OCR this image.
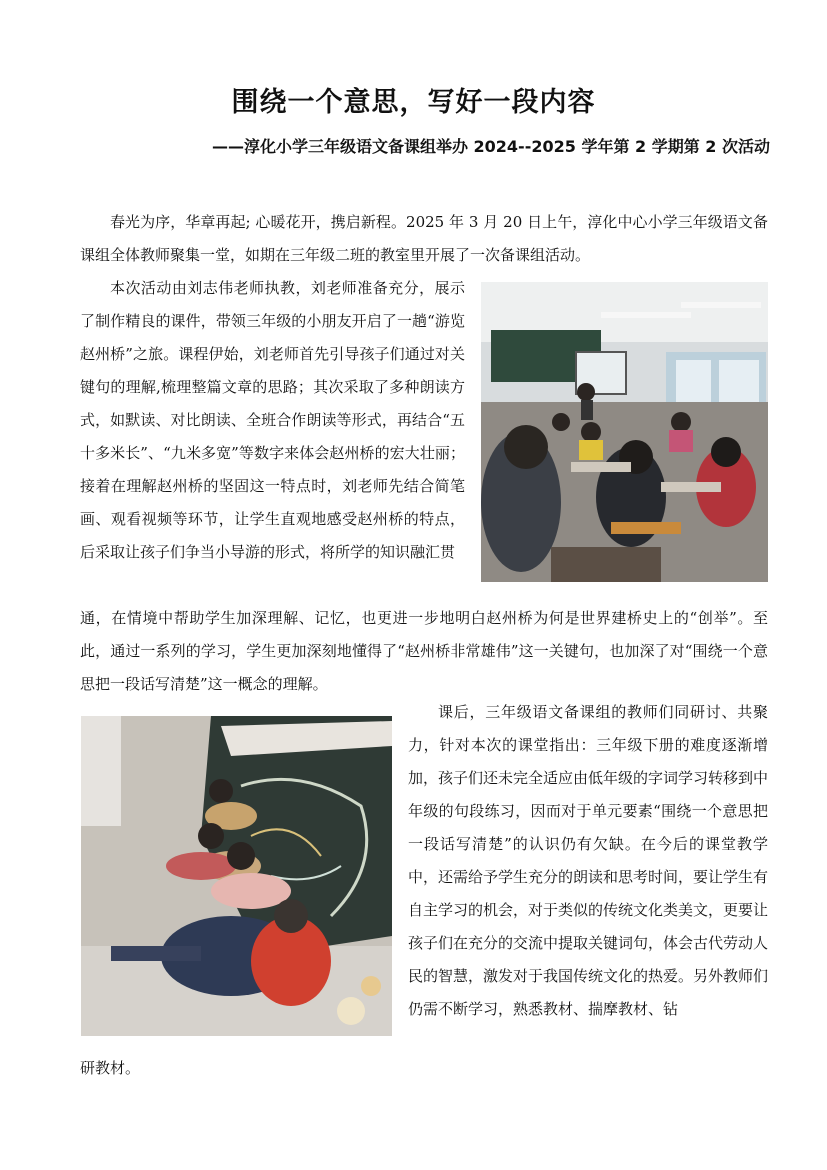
围绕一个意思，写好一段内容
——淳化小学三年级语文备课组举办 2024--2025 学年第 2 学期第 2 次活动

春光为序，华章再起; 心暖花开，携启新程。2025 年 3 月 20 日上午，淳化中心小学三年级语文备课组全体教师聚集一堂，如期在三年级二班的教室里开展了一次备课组活动。

本次活动由刘志伟老师执教，刘老师准备充分，展示了制作精良的课件，带领三年级的小朋友开启了一趟“游览赵州桥”之旅。课程伊始，刘老师首先引导孩子们通过对关键句的理解,梳理整篇文章的思路；其次采取了多种朗读方式，如默读、对比朗读、全班合作朗读等形式，再结合“五十多米长”、“九米多宽”等数字来体会赵州桥的宏大壮丽；接着在理解赵州桥的坚固这一特点时，刘老师先结合简笔画、观看视频等环节，让学生直观地感受赵州桥的特点，后采取让孩子们争当小导游的形式，将所学的知识融汇贯

通，在情境中帮助学生加深理解、记忆，也更进一步地明白赵州桥为何是世界建桥史上的“创举”。至此，通过一系列的学习，学生更加深刻地懂得了“赵州桥非常雄伟”这一关键句，也加深了对“围绕一个意思把一段话写清楚”这一概念的理解。

课后，三年级语文备课组的教师们同研讨、共聚力，针对本次的课堂指出：三年级下册的难度逐渐增加，孩子们还未完全适应由低年级的字词学习转移到中年级的句段练习，因而对于单元要素“围绕一个意思把一段话写清楚”的认识仍有欠缺。在今后的课堂教学中，还需给予学生充分的朗读和思考时间，要让学生有自主学习的机会，对于类似的传统文化类美文，更要让孩子们在充分的交流中提取关键词句，体会古代劳动人民的智慧，激发对于我国传统文化的热爱。另外教师们仍需不断学习，熟悉教材、揣摩教材、钻

研教材。
